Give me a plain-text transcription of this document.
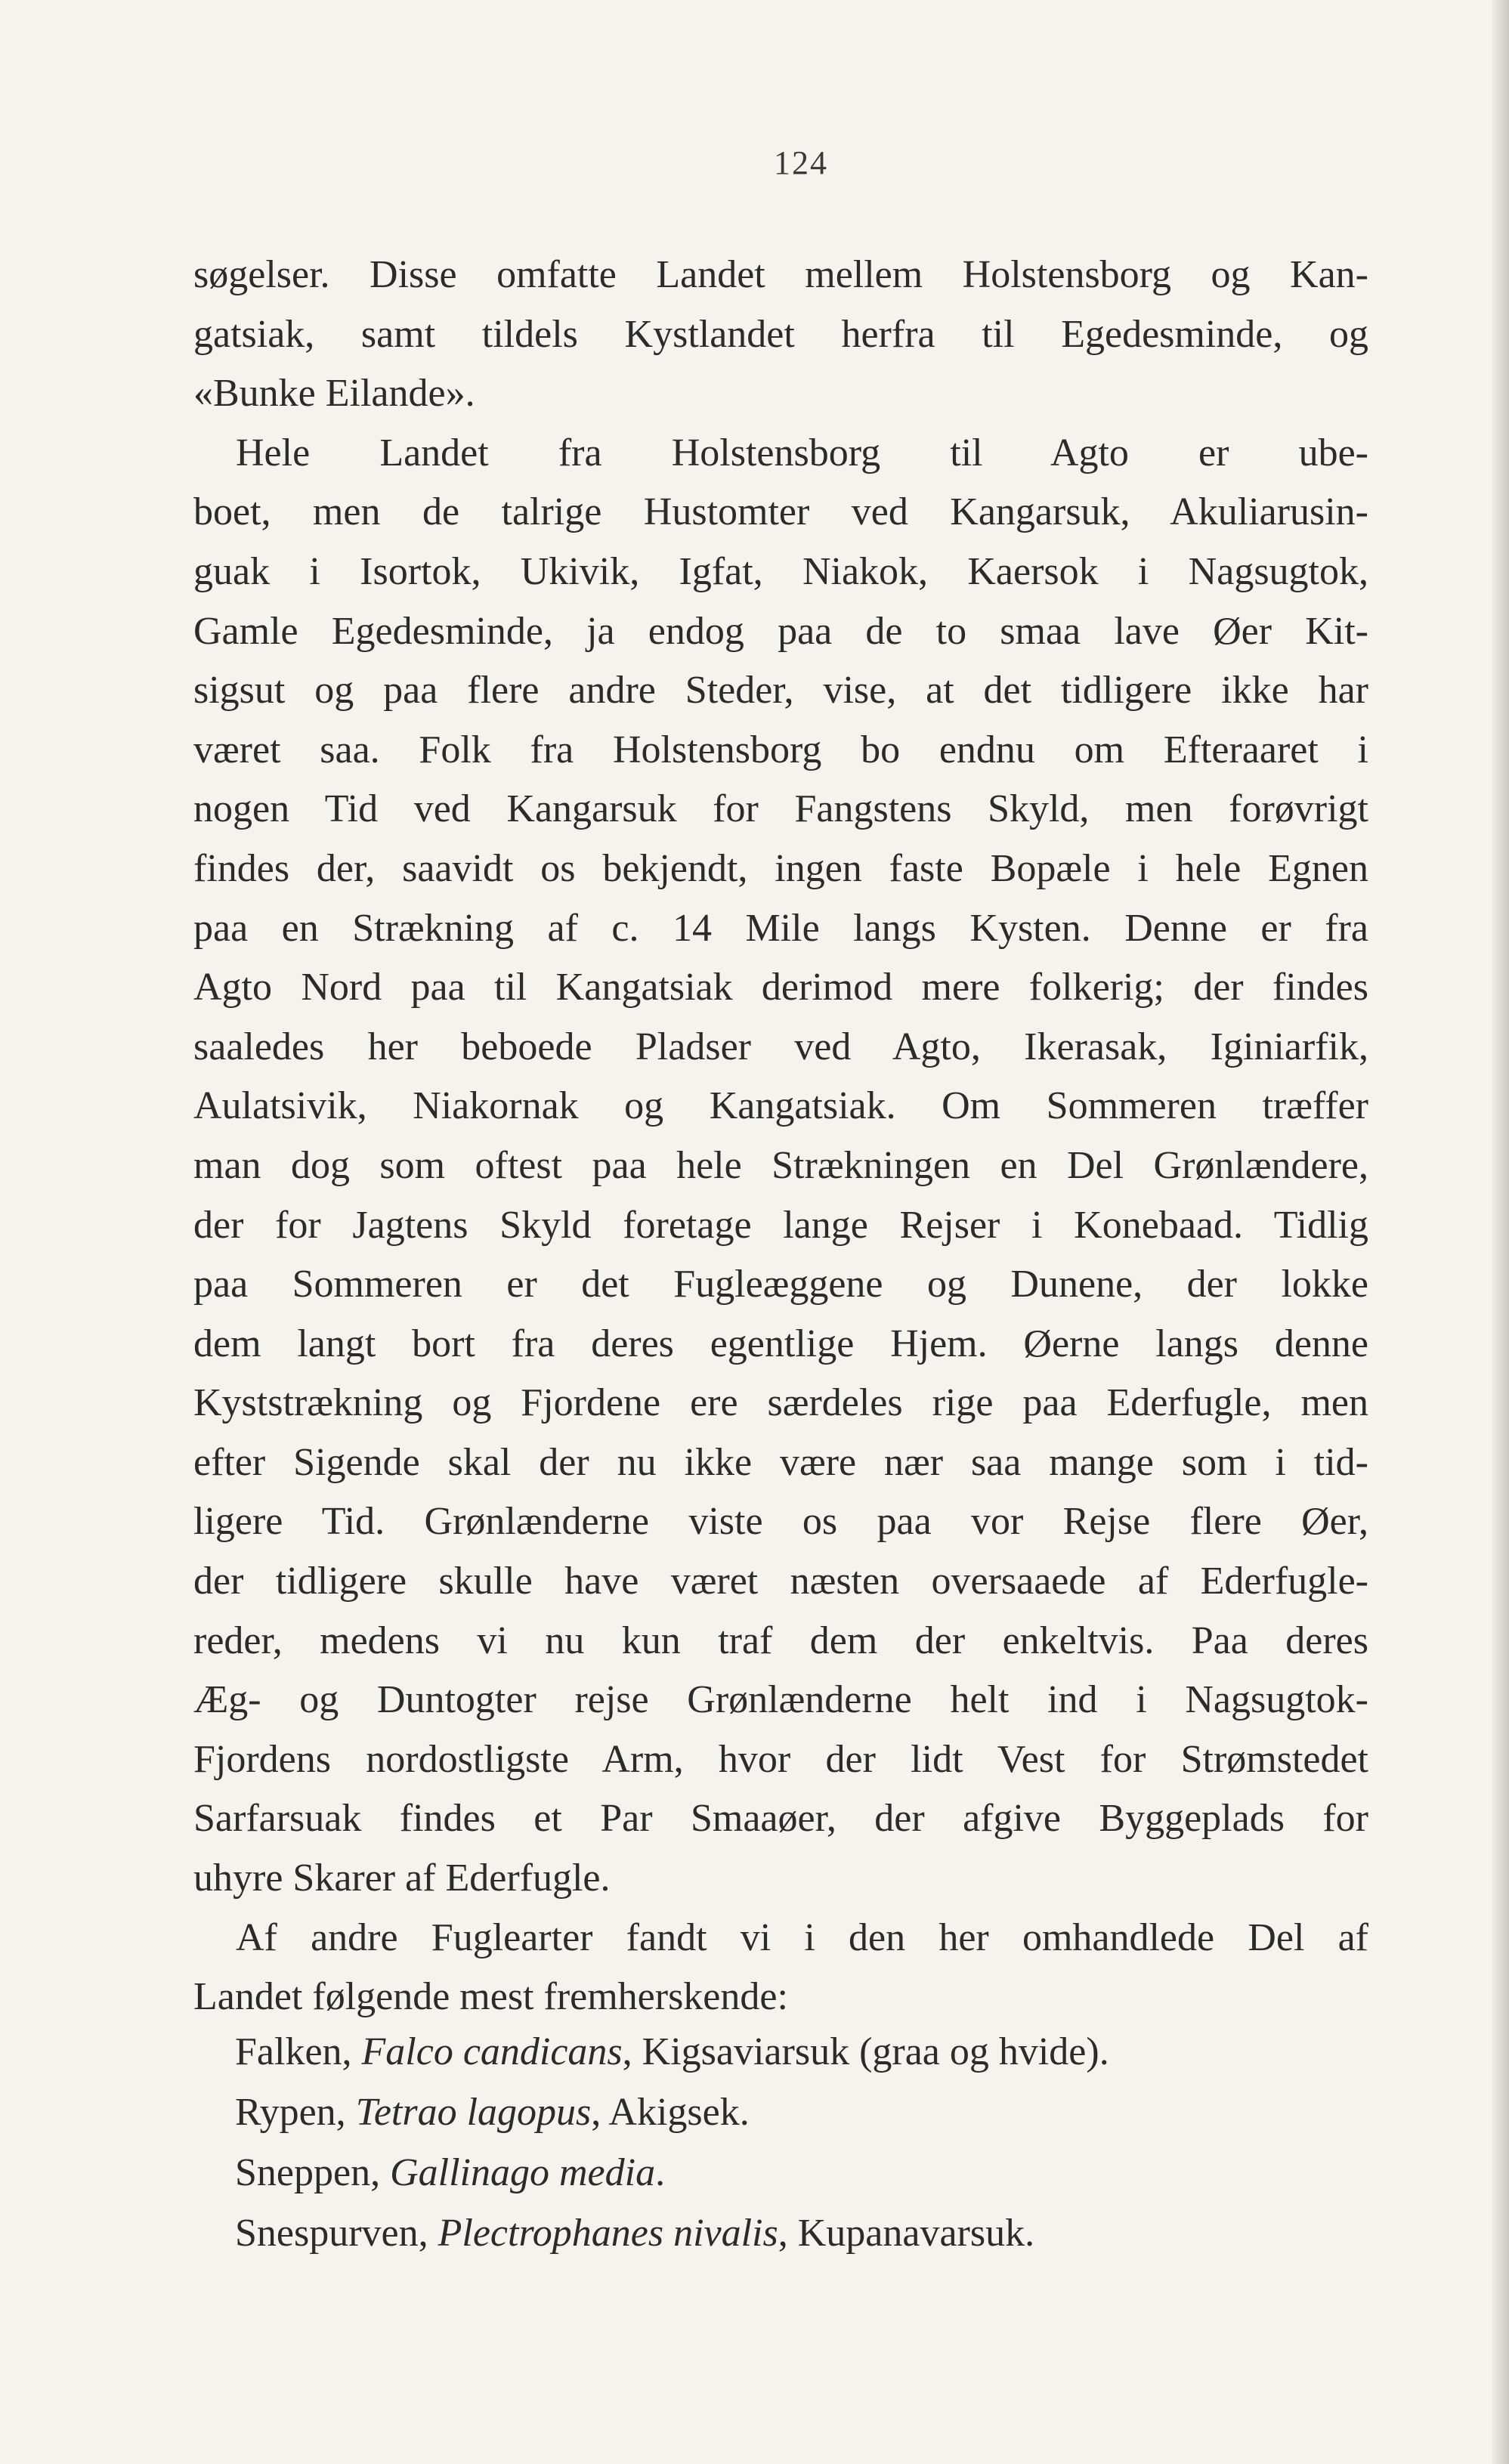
124
søgelser. Disse omfatte Landet mellem Holstensborg og Kan-
gatsiak, samt tildels Kystlandet herfra til Egedesminde, og
«Bunke Eilande».
Hele Landet fra Holstensborg til Agto er ube-
boet, men de talrige Hustomter ved Kangarsuk, Akuliarusin-
guak i Isortok, Ukivik, Igfat, Niakok, Kaersok i Nagsugtok,
Gamle Egedesminde, ja endog paa de to smaa lave Øer Kit-
sigsut og paa flere andre Steder, vise, at det tidligere ikke har
været saa. Folk fra Holstensborg bo endnu om Efteraaret i
nogen Tid ved Kangarsuk for Fangstens Skyld, men forøvrigt
findes der, saavidt os bekjendt, ingen faste Bopæle i hele Egnen
paa en Strækning af c. 14 Mile langs Kysten. Denne er fra
Agto Nord paa til Kangatsiak derimod mere folkerig; der findes
saaledes her beboede Pladser ved Agto, Ikerasak, Iginiarfik,
Aulatsivik, Niakornak og Kangatsiak. Om Sommeren træffer
man dog som oftest paa hele Strækningen en Del Grønlændere,
der for Jagtens Skyld foretage lange Rejser i Konebaad. Tidlig
paa Sommeren er det Fugleæggene og Dunene, der lokke
dem langt bort fra deres egentlige Hjem. Øerne langs denne
Kyststrækning og Fjordene ere særdeles rige paa Ederfugle, men
efter Sigende skal der nu ikke være nær saa mange som i tid-
ligere Tid. Grønlænderne viste os paa vor Rejse flere Øer,
der tidligere skulle have været næsten oversaaede af Ederfugle-
reder, medens vi nu kun traf dem der enkeltvis. Paa deres
Æg- og Duntogter rejse Grønlænderne helt ind i Nagsugtok-
Fjordens nordostligste Arm, hvor der lidt Vest for Strømstedet
Sarfarsuak findes et Par Smaaøer, der afgive Byggeplads for
uhyre Skarer af Ederfugle.
Af andre Fuglearter fandt vi i den her omhandlede Del af
Landet følgende mest fremherskende:
Falken, Falco candicans, Kigsaviarsuk (graa og hvide).
Rypen, Tetrao lagopus, Akigsek.
Sneppen, Gallinago media.
Snespurven, Plectrophanes nivalis, Kupanavarsuk.
